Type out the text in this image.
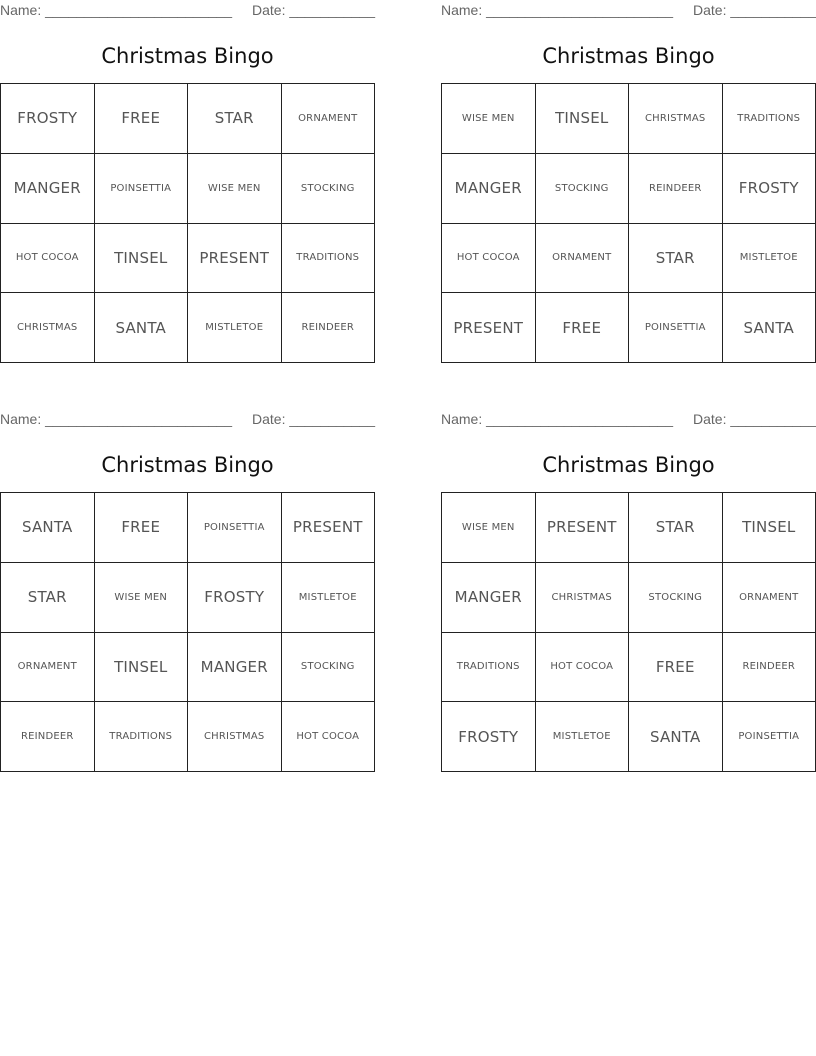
Name: ________________________ Date: ___________
Christmas Bingo
FROSTY	FREE	STAR	ORNAMENT
MANGER	POINSETTIA	WISE MEN	STOCKING
HOT COCOA	TINSEL	PRESENT	TRADITIONS
CHRISTMAS	SANTA	MISTLETOE	REINDEER
Name: ________________________ Date: ___________
Christmas Bingo
WISE MEN	TINSEL	CHRISTMAS	TRADITIONS
MANGER	STOCKING	REINDEER	FROSTY
HOT COCOA	ORNAMENT	STAR	MISTLETOE
PRESENT	FREE	POINSETTIA	SANTA
Name: ________________________ Date: ___________
Christmas Bingo
SANTA	FREE	POINSETTIA	PRESENT
STAR	WISE MEN	FROSTY	MISTLETOE
ORNAMENT	TINSEL	MANGER	STOCKING
REINDEER	TRADITIONS	CHRISTMAS	HOT COCOA
Name: ________________________ Date: ___________
Christmas Bingo
WISE MEN	PRESENT	STAR	TINSEL
MANGER	CHRISTMAS	STOCKING	ORNAMENT
TRADITIONS	HOT COCOA	FREE	REINDEER
FROSTY	MISTLETOE	SANTA	POINSETTIA
